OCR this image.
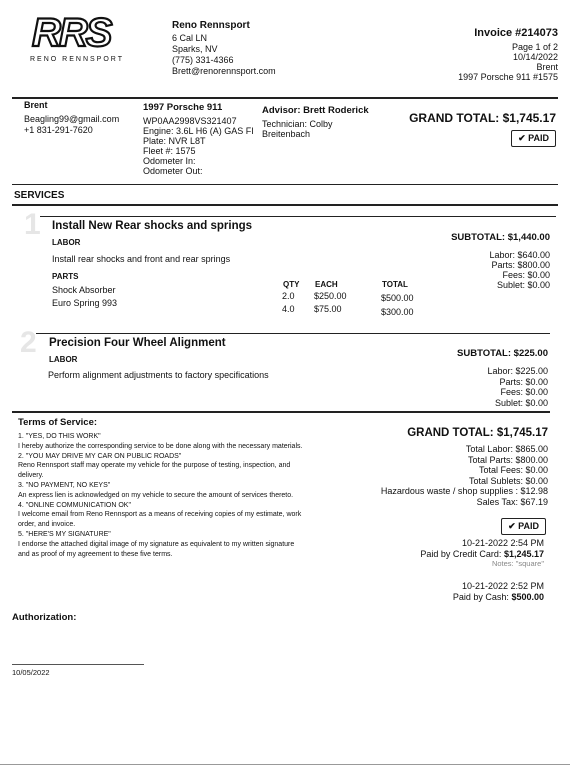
RRS
RENO RENNSPORT
Reno Rennsport
6 Cal LN
Sparks, NV
(775) 331-4366
Brett@renorennsport.com
Invoice #214073
Page 1 of 2
10/14/2022
Brent
1997 Porsche 911 #1575
Brent
Beagling99@gmail.com
+1 831-291-7620
1997 Porsche 911
WP0AA2998VS321407
Engine: 3.6L H6 (A) GAS FI
Plate: NVR L8T
Fleet #: 1575
Odometer In:
Odometer Out:
Advisor: Brett Roderick
Technician: Colby
Breitenbach
GRAND TOTAL: $1,745.17
✔ PAID
SERVICES
1 Install New Rear shocks and springs
LABOR
Install rear shocks and front and rear springs
SUBTOTAL: $1,440.00
Labor: $640.00
Parts: $800.00
Fees: $0.00
Sublet: $0.00
PARTS
QTY EACH	TOTAL
Shock Absorber
2.0 $250.00	$500.00
Euro Spring 993
4.0 $75.00	$300.00
2 Precision Four Wheel Alignment
LABOR
Perform alignment adjustments to factory specifications
SUBTOTAL: $225.00
Labor: $225.00
Parts: $0.00
Fees: $0.00
Sublet: $0.00
Terms of Service:
1. "YES, DO THIS WORK"
I hereby authorize the corresponding service to be done along with the necessary materials.
2. "YOU MAY DRIVE MY CAR ON PUBLIC ROADS"
Reno Rennsport staff may operate my vehicle for the purpose of testing, inspection, and
delivery.
3. "NO PAYMENT, NO KEYS"
An express lien is acknowledged on my vehicle to secure the amount of services thereto.
4. "ONLINE COMMUNICATION OK"
I welcome email from Reno Rennsport as a means of receiving copies of my estimate, work
order, and invoice.
5. "HERE'S MY SIGNATURE"
I endorse the attached digital image of my signature as equivalent to my written signature
and as proof of my agreement to these five terms.
GRAND TOTAL: $1,745.17
Total Labor: $865.00
Total Parts: $800.00
Total Fees: $0.00
Total Sublets: $0.00
Hazardous waste / shop supplies : $12.98
Sales Tax: $67.19
✔ PAID
10-21-2022 2:54 PM
Paid by Credit Card: $1,245.17
Notes: "square"
10-21-2022 2:52 PM
Paid by Cash: $500.00
Authorization:
10/05/2022
